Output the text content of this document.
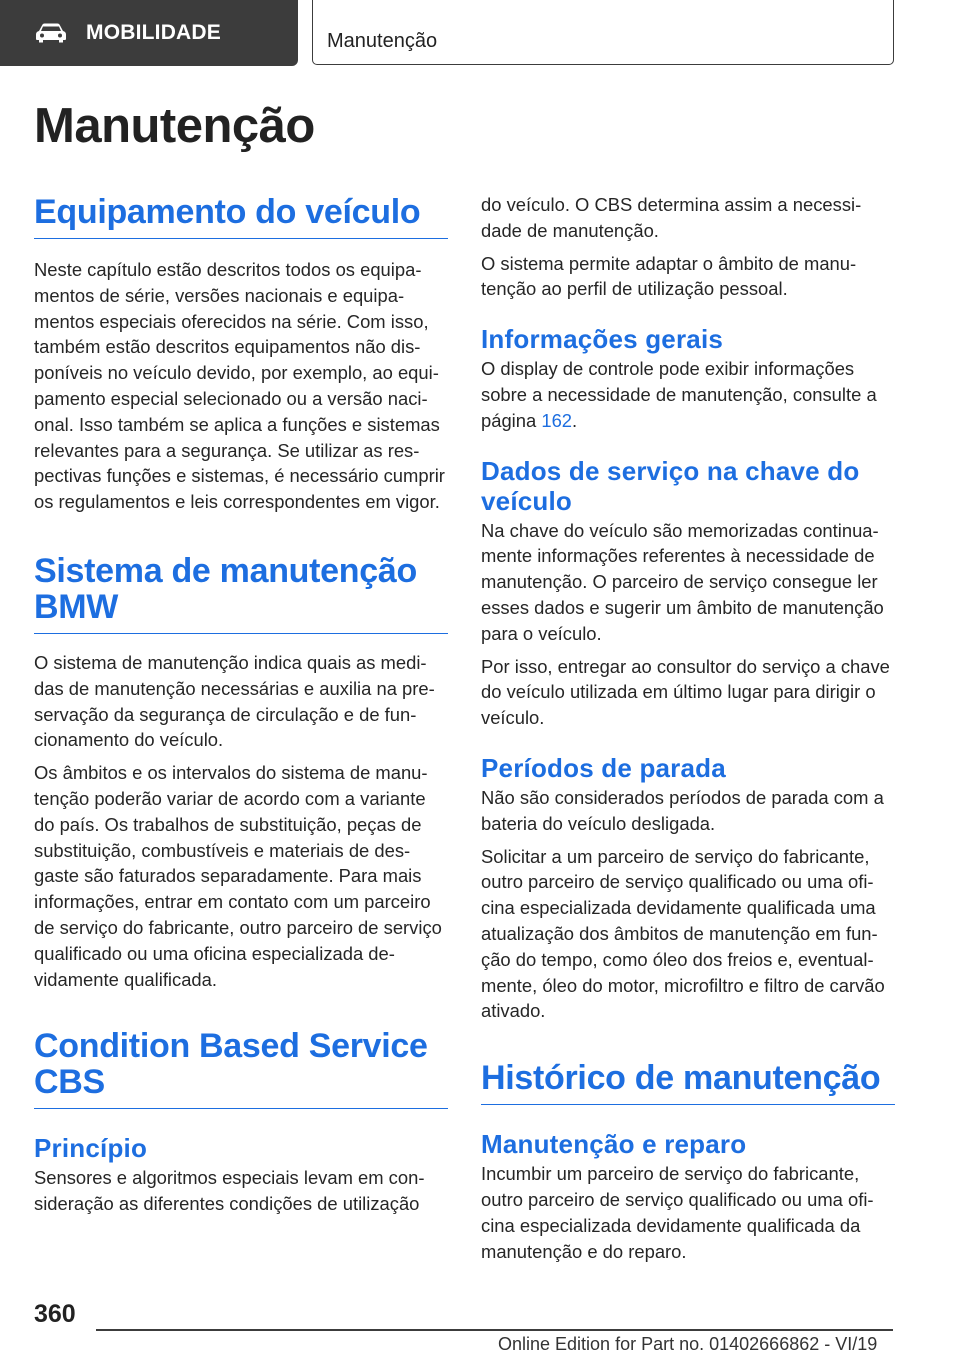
MOBILIDADE	Manutenção
Manutenção
Equipamento do veículo

Neste capítulo estão descritos todos os equipamentos de série, versões nacionais e equipamentos especiais oferecidos na série. Com isso, também estão descritos equipamentos não disponíveis no veículo devido, por exemplo, ao equipamento especial selecionado ou a versão nacional. Isso também se aplica a funções e sistemas relevantes para a segurança. Se utilizar as respectivas funções e sistemas, é necessário cumprir os regulamentos e leis correspondentes em vigor.

Sistema de manutenção BMW

O sistema de manutenção indica quais as medidas de manutenção necessárias e auxilia na preservação da segurança de circulação e de funcionamento do veículo.

Os âmbitos e os intervalos do sistema de manutenção poderão variar de acordo com a variante do país. Os trabalhos de substituição, peças de substituição, combustíveis e materiais de desgaste são faturados separadamente. Para mais informações, entrar em contato com um parceiro de serviço do fabricante, outro parceiro de serviço qualificado ou uma oficina especializada devidamente qualificada.

Condition Based Service CBS
Princípio

Sensores e algoritmos especiais levam em consideração as diferentes condições de utilização

do veículo. O CBS determina assim a necessidade de manutenção.

O sistema permite adaptar o âmbito de manutenção ao perfil de utilização pessoal.

Informações gerais

O display de controle pode exibir informações sobre a necessidade de manutenção, consulte a página 162.

Dados de serviço na chave do veículo

Na chave do veículo são memorizadas continuamente informações referentes à necessidade de manutenção. O parceiro de serviço consegue ler esses dados e sugerir um âmbito de manutenção para o veículo.

Por isso, entregar ao consultor do serviço a chave do veículo utilizada em último lugar para dirigir o veículo.

Períodos de parada

Não são considerados períodos de parada com a bateria do veículo desligada.

Solicitar a um parceiro de serviço do fabricante, outro parceiro de serviço qualificado ou uma oficina especializada devidamente qualificada uma atualização dos âmbitos de manutenção em função do tempo, como óleo dos freios e, eventualmente, óleo do motor, microfiltro e filtro de carvão ativado.

Histórico de manutenção
Manutenção e reparo

Incumbir um parceiro de serviço do fabricante, outro parceiro de serviço qualificado ou uma oficina especializada devidamente qualificada da manutenção e do reparo.

360
Online Edition for Part no. 01402666862 - VI/19
